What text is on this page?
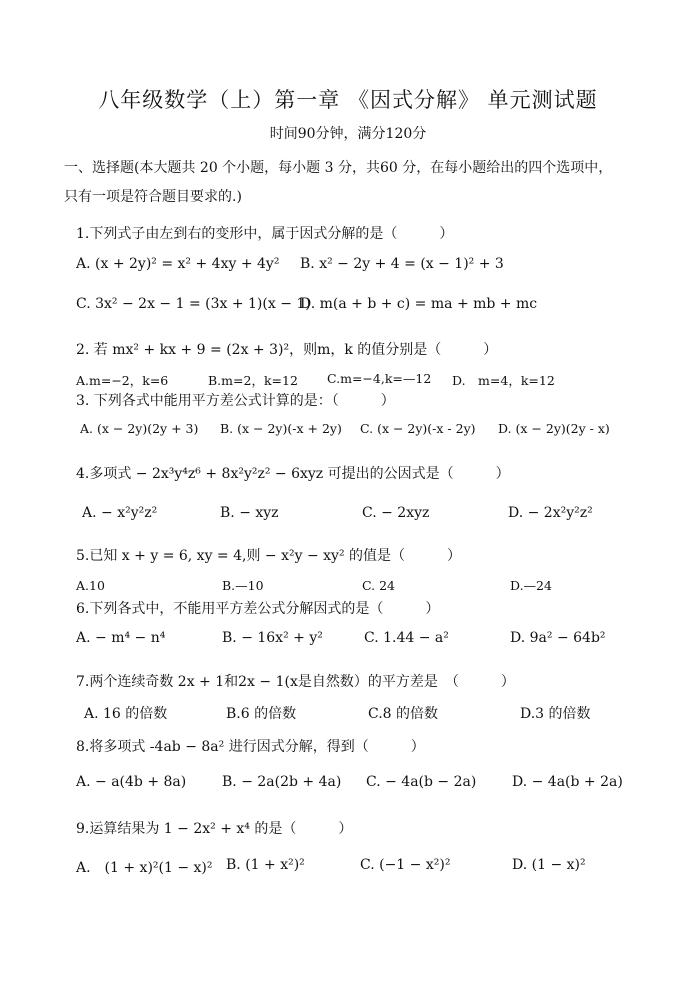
八年级数学（上）第一章 《因式分解》 单元测试题
时间90分钟，满分120分
一、选择题(本大题共 20 个小题，每小题 3 分，共60 分，在每小题给出的四个选项中，
只有一项是符合题目要求的.)
1.下列式子由左到右的变形中，属于因式分解的是（　　　）
A. (x + 2y)² = x² + 4xy + 4y² B. x² − 2y + 4 = (x − 1)² + 3
C. 3x² − 2x − 1 = (3x + 1)(x − 1)
D. m(a + b + c) = ma + mb + mc
2. 若 mx² + kx + 9 = (2x + 3)²，则m，k 的值分别是（　　　）
A.m=−2，k=6	B.m=2，k=12 C.m=−4,k=—12 D.　m=4，k=12
3. 下列各式中能用平方差公式计算的是：（　　　）
A. (x − 2y)(2y + 3) B. (x − 2y)(-x + 2y) C. (x − 2y)(-x - 2y) D. (x − 2y)(2y - x)
4.多项式 − 2x³y⁴z⁶ + 8x²y²z² − 6xyz 可提出的公因式是（　　　）
A. − x²y²z²	B. − xyz	C. − 2xyz	D. − 2x²y²z²
5.已知 x + y = 6, xy = 4,则 − x²y − xy² 的值是（　　　）
A.10	B.—10	C. 24	D.—24
6.下列各式中，不能用平方差公式分解因式的是（　　　）
A. − m⁴ − n⁴	B. − 16x² + y²	C. 1.44 − a²	D. 9a² − 64b²
7.两个连续奇数 2x + 1和2x − 1(x是自然数）的平方差是　（　　　）
A. 16 的倍数	B.6 的倍数	C.8 的倍数	D.3 的倍数
8.将多项式 -4ab − 8a² 进行因式分解，得到（　　　）
A. − a(4b + 8a)	B. − 2a(2b + 4a) C. − 4a(b − 2a)	D. − 4a(b + 2a)
9.运算结果为 1 − 2x² + x⁴ 的是（　　　）
A.　(1 + x)²(1 − x)² B. (1 + x²)²	C. (−1 − x²)²	D. (1 − x)²
